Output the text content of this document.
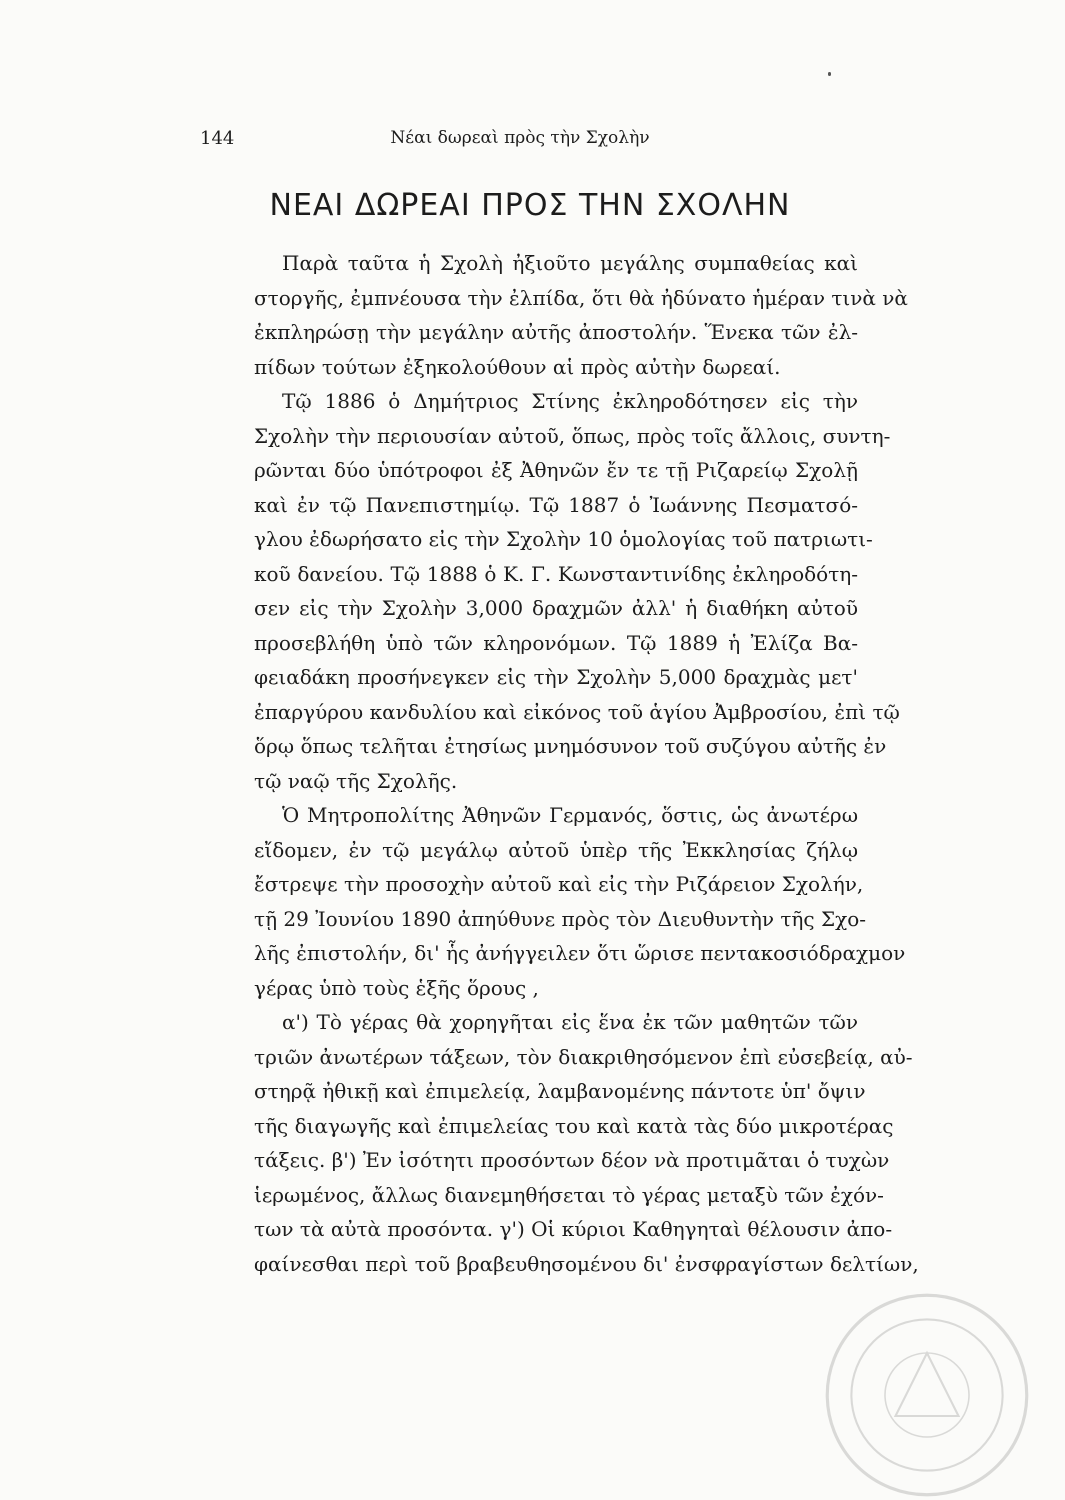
144	Νέαι δωρεαὶ πρὸς τὴν Σχολὴν
ΝΕΑΙ ΔΩΡΕΑΙ ΠΡΟΣ ΤΗΝ ΣΧΟΛΗΝ
Παρὰ ταῦτα ἡ Σχολὴ ἠξιοῦτο μεγάλης συμπαθείας καὶ
στοργῆς, ἐμπνέουσα τὴν ἐλπίδα, ὅτι θὰ ἠδύνατο ἡμέραν τινὰ νὰ
ἐκπληρώσῃ τὴν μεγάλην αὐτῆς ἀποστολήν. Ἕνεκα τῶν ἐλ-
πίδων τούτων ἐξηκολούθουν αἱ πρὸς αὐτὴν δωρεαί.
Τῷ 1886 ὁ Δημήτριος Στίνης ἐκληροδότησεν εἰς τὴν
Σχολὴν τὴν περιουσίαν αὐτοῦ, ὅπως, πρὸς τοῖς ἄλλοις, συντη-
ρῶνται δύο ὑπότροφοι ἐξ Ἀθηνῶν ἔν τε τῇ Ριζαρείῳ Σχολῇ
καὶ ἐν τῷ Πανεπιστημίῳ. Τῷ 1887 ὁ Ἰωάννης Πεσματσό-
γλου ἐδωρήσατο εἰς τὴν Σχολὴν 10 ὁμολογίας τοῦ πατριωτι-
κοῦ δανείου. Τῷ 1888 ὁ Κ. Γ. Κωνσταντινίδης ἐκληροδότη-
σεν εἰς τὴν Σχολὴν 3,000 δραχμῶν ἀλλ' ἡ διαθήκη αὐτοῦ
προσεβλήθη ὑπὸ τῶν κληρονόμων. Τῷ 1889 ἡ Ἐλίζα Βα-
φειαδάκη προσήνεγκεν εἰς τὴν Σχολὴν 5,000 δραχμὰς μετ'
ἐπαργύρου κανδυλίου καὶ εἰκόνος τοῦ ἁγίου Ἀμβροσίου, ἐπὶ τῷ
ὅρῳ ὅπως τελῆται ἐτησίως μνημόσυνον τοῦ συζύγου αὐτῆς ἐν
τῷ ναῷ τῆς Σχολῆς.
Ὁ Μητροπολίτης Ἀθηνῶν Γερμανός, ὅστις, ὡς ἀνωτέρω
εἴδομεν, ἐν τῷ μεγάλῳ αὐτοῦ ὑπὲρ τῆς Ἐκκλησίας ζήλῳ
ἔστρεψε τὴν προσοχὴν αὐτοῦ καὶ εἰς τὴν Ριζάρειον Σχολήν,
τῇ 29 Ἰουνίου 1890 ἀπηύθυνε πρὸς τὸν Διευθυντὴν τῆς Σχο-
λῆς ἐπιστολήν, δι' ἧς ἀνήγγειλεν ὅτι ὥρισε πεντακοσιόδραχμον
γέρας ὑπὸ τοὺς ἑξῆς ὅρους ,
α') Τὸ γέρας θὰ χορηγῆται εἰς ἕνα ἐκ τῶν μαθητῶν τῶν
τριῶν ἀνωτέρων τάξεων, τὸν διακριθησόμενον ἐπὶ εὐσεβείᾳ, αὐ-
στηρᾷ ἠθικῇ καὶ ἐπιμελείᾳ, λαμβανομένης πάντοτε ὑπ' ὄψιν
τῆς διαγωγῆς καὶ ἐπιμελείας του καὶ κατὰ τὰς δύο μικροτέρας
τάξεις. β') Ἐν ἰσότητι προσόντων δέον νὰ προτιμᾶται ὁ τυχὼν
ἱερωμένος, ἄλλως διανεμηθήσεται τὸ γέρας μεταξὺ τῶν ἐχόν-
των τὰ αὐτὰ προσόντα. γ') Οἱ κύριοι Καθηγηταὶ θέλουσιν ἀπο-
φαίνεσθαι περὶ τοῦ βραβευθησομένου δι' ἐνσφραγίστων δελτίων,
